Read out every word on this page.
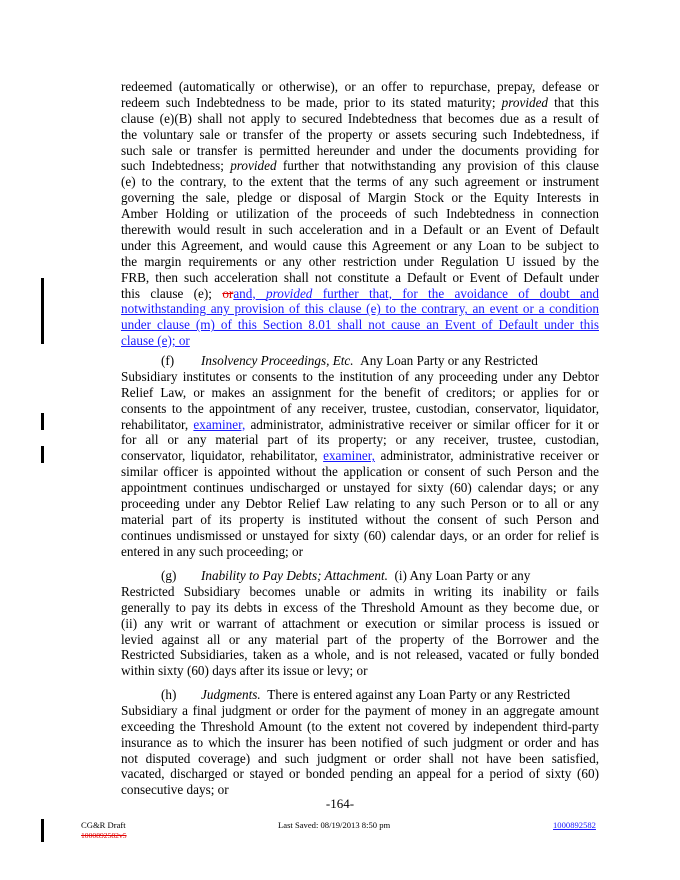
redeemed (automatically or otherwise), or an offer to repurchase, prepay, defease or
redeem such Indebtedness to be made, prior to its stated maturity; provided that this
clause (e)(B) shall not apply to secured Indebtedness that becomes due as a result of
the voluntary sale or transfer of the property or assets securing such Indebtedness, if
such sale or transfer is permitted hereunder and under the documents providing for
such Indebtedness; provided further that notwithstanding any provision of this clause
(e) to the contrary, to the extent that the terms of any such agreement or instrument
governing the sale, pledge or disposal of Margin Stock or the Equity Interests in
Amber Holding or utilization of the proceeds of such Indebtedness in connection
therewith would result in such acceleration and in a Default or an Event of Default
under this Agreement, and would cause this Agreement or any Loan to be subject to
the margin requirements or any other restriction under Regulation U issued by the
FRB, then such acceleration shall not constitute a Default or Event of Default under
this clause (e); orand, provided further that, for the avoidance of doubt and
notwithstanding any provision of this clause (e) to the contrary, an event or a condition
under clause (m) of this Section 8.01 shall not cause an Event of Default under this
clause (e); or
(f) Insolvency Proceedings, Etc. Any Loan Party or any Restricted
Subsidiary institutes or consents to the institution of any proceeding under any Debtor
Relief Law, or makes an assignment for the benefit of creditors; or applies for or
consents to the appointment of any receiver, trustee, custodian, conservator, liquidator,
rehabilitator, examiner, administrator, administrative receiver or similar officer for it or
for all or any material part of its property; or any receiver, trustee, custodian,
conservator, liquidator, rehabilitator, examiner, administrator, administrative receiver or
similar officer is appointed without the application or consent of such Person and the
appointment continues undischarged or unstayed for sixty (60) calendar days; or any
proceeding under any Debtor Relief Law relating to any such Person or to all or any
material part of its property is instituted without the consent of such Person and
continues undismissed or unstayed for sixty (60) calendar days, or an order for relief is
entered in any such proceeding; or
(g) Inability to Pay Debts; Attachment. (i) Any Loan Party or any
Restricted Subsidiary becomes unable or admits in writing its inability or fails
generally to pay its debts in excess of the Threshold Amount as they become due, or
(ii) any writ or warrant of attachment or execution or similar process is issued or
levied against all or any material part of the property of the Borrower and the
Restricted Subsidiaries, taken as a whole, and is not released, vacated or fully bonded
within sixty (60) days after its issue or levy; or
(h) Judgments. There is entered against any Loan Party or any Restricted
Subsidiary a final judgment or order for the payment of money in an aggregate amount
exceeding the Threshold Amount (to the extent not covered by independent third-party
insurance as to which the insurer has been notified of such judgment or order and has
not disputed coverage) and such judgment or order shall not have been satisfied,
vacated, discharged or stayed or bonded pending an appeal for a period of sixty (60)
consecutive days; or
-164-
CG&R Draft
1000892582v5
Last Saved: 08/19/2013 8:50 pm	1000892582
